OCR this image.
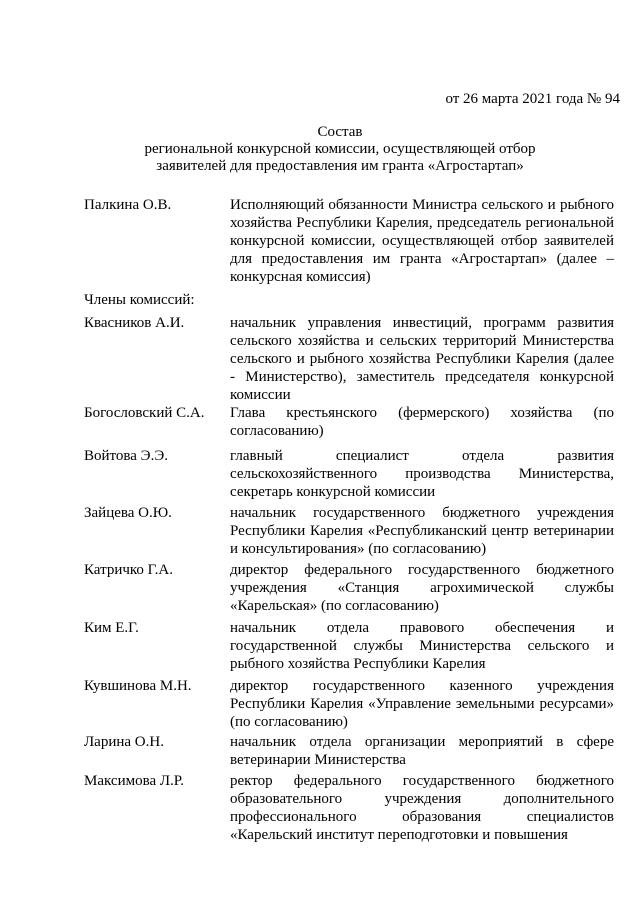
от 26 марта 2021 года № 94
Состав
региональной конкурсной комиссии, осуществляющей отбор
заявителей для предоставления им гранта «Агростартап»
Палкина О.В.	Исполняющий обязанности Министра сельского и рыбного хозяйства Республики Карелия, председатель региональной конкурсной комиссии, осуществляющей отбор заявителей для предоставления им гранта «Агростартап» (далее – конкурсная комиссия)
Члены комиссий:
Квасников А.И.	начальник управления инвестиций, программ развития сельского хозяйства и сельских территорий Министерства сельского и рыбного хозяйства Республики Карелия (далее - Министерство), заместитель председателя конкурсной комиссии
Богословский С.А.	Глава крестьянского (фермерского) хозяйства (по согласованию)
Войтова Э.Э.	главный специалист отдела развития сельскохозяйственного производства Министерства, секретарь конкурсной комиссии
Зайцева О.Ю.	начальник государственного бюджетного учреждения Республики Карелия «Республиканский центр ветеринарии и консультирования» (по согласованию)
Катричко Г.А.	директор федерального государственного бюджетного учреждения «Станция агрохимической службы «Карельская» (по согласованию)
Ким Е.Г.	начальник отдела правового обеспечения и государственной службы Министерства сельского и рыбного хозяйства Республики Карелия
Кувшинова М.Н.	директор государственного казенного учреждения Республики Карелия «Управление земельными ресурсами» (по согласованию)
Ларина О.Н.	начальник отдела организации мероприятий в сфере ветеринарии Министерства
Максимова Л.Р.	ректор федерального государственного бюджетного образовательного учреждения дополнительного профессионального образования специалистов «Карельский институт переподготовки и повышения
